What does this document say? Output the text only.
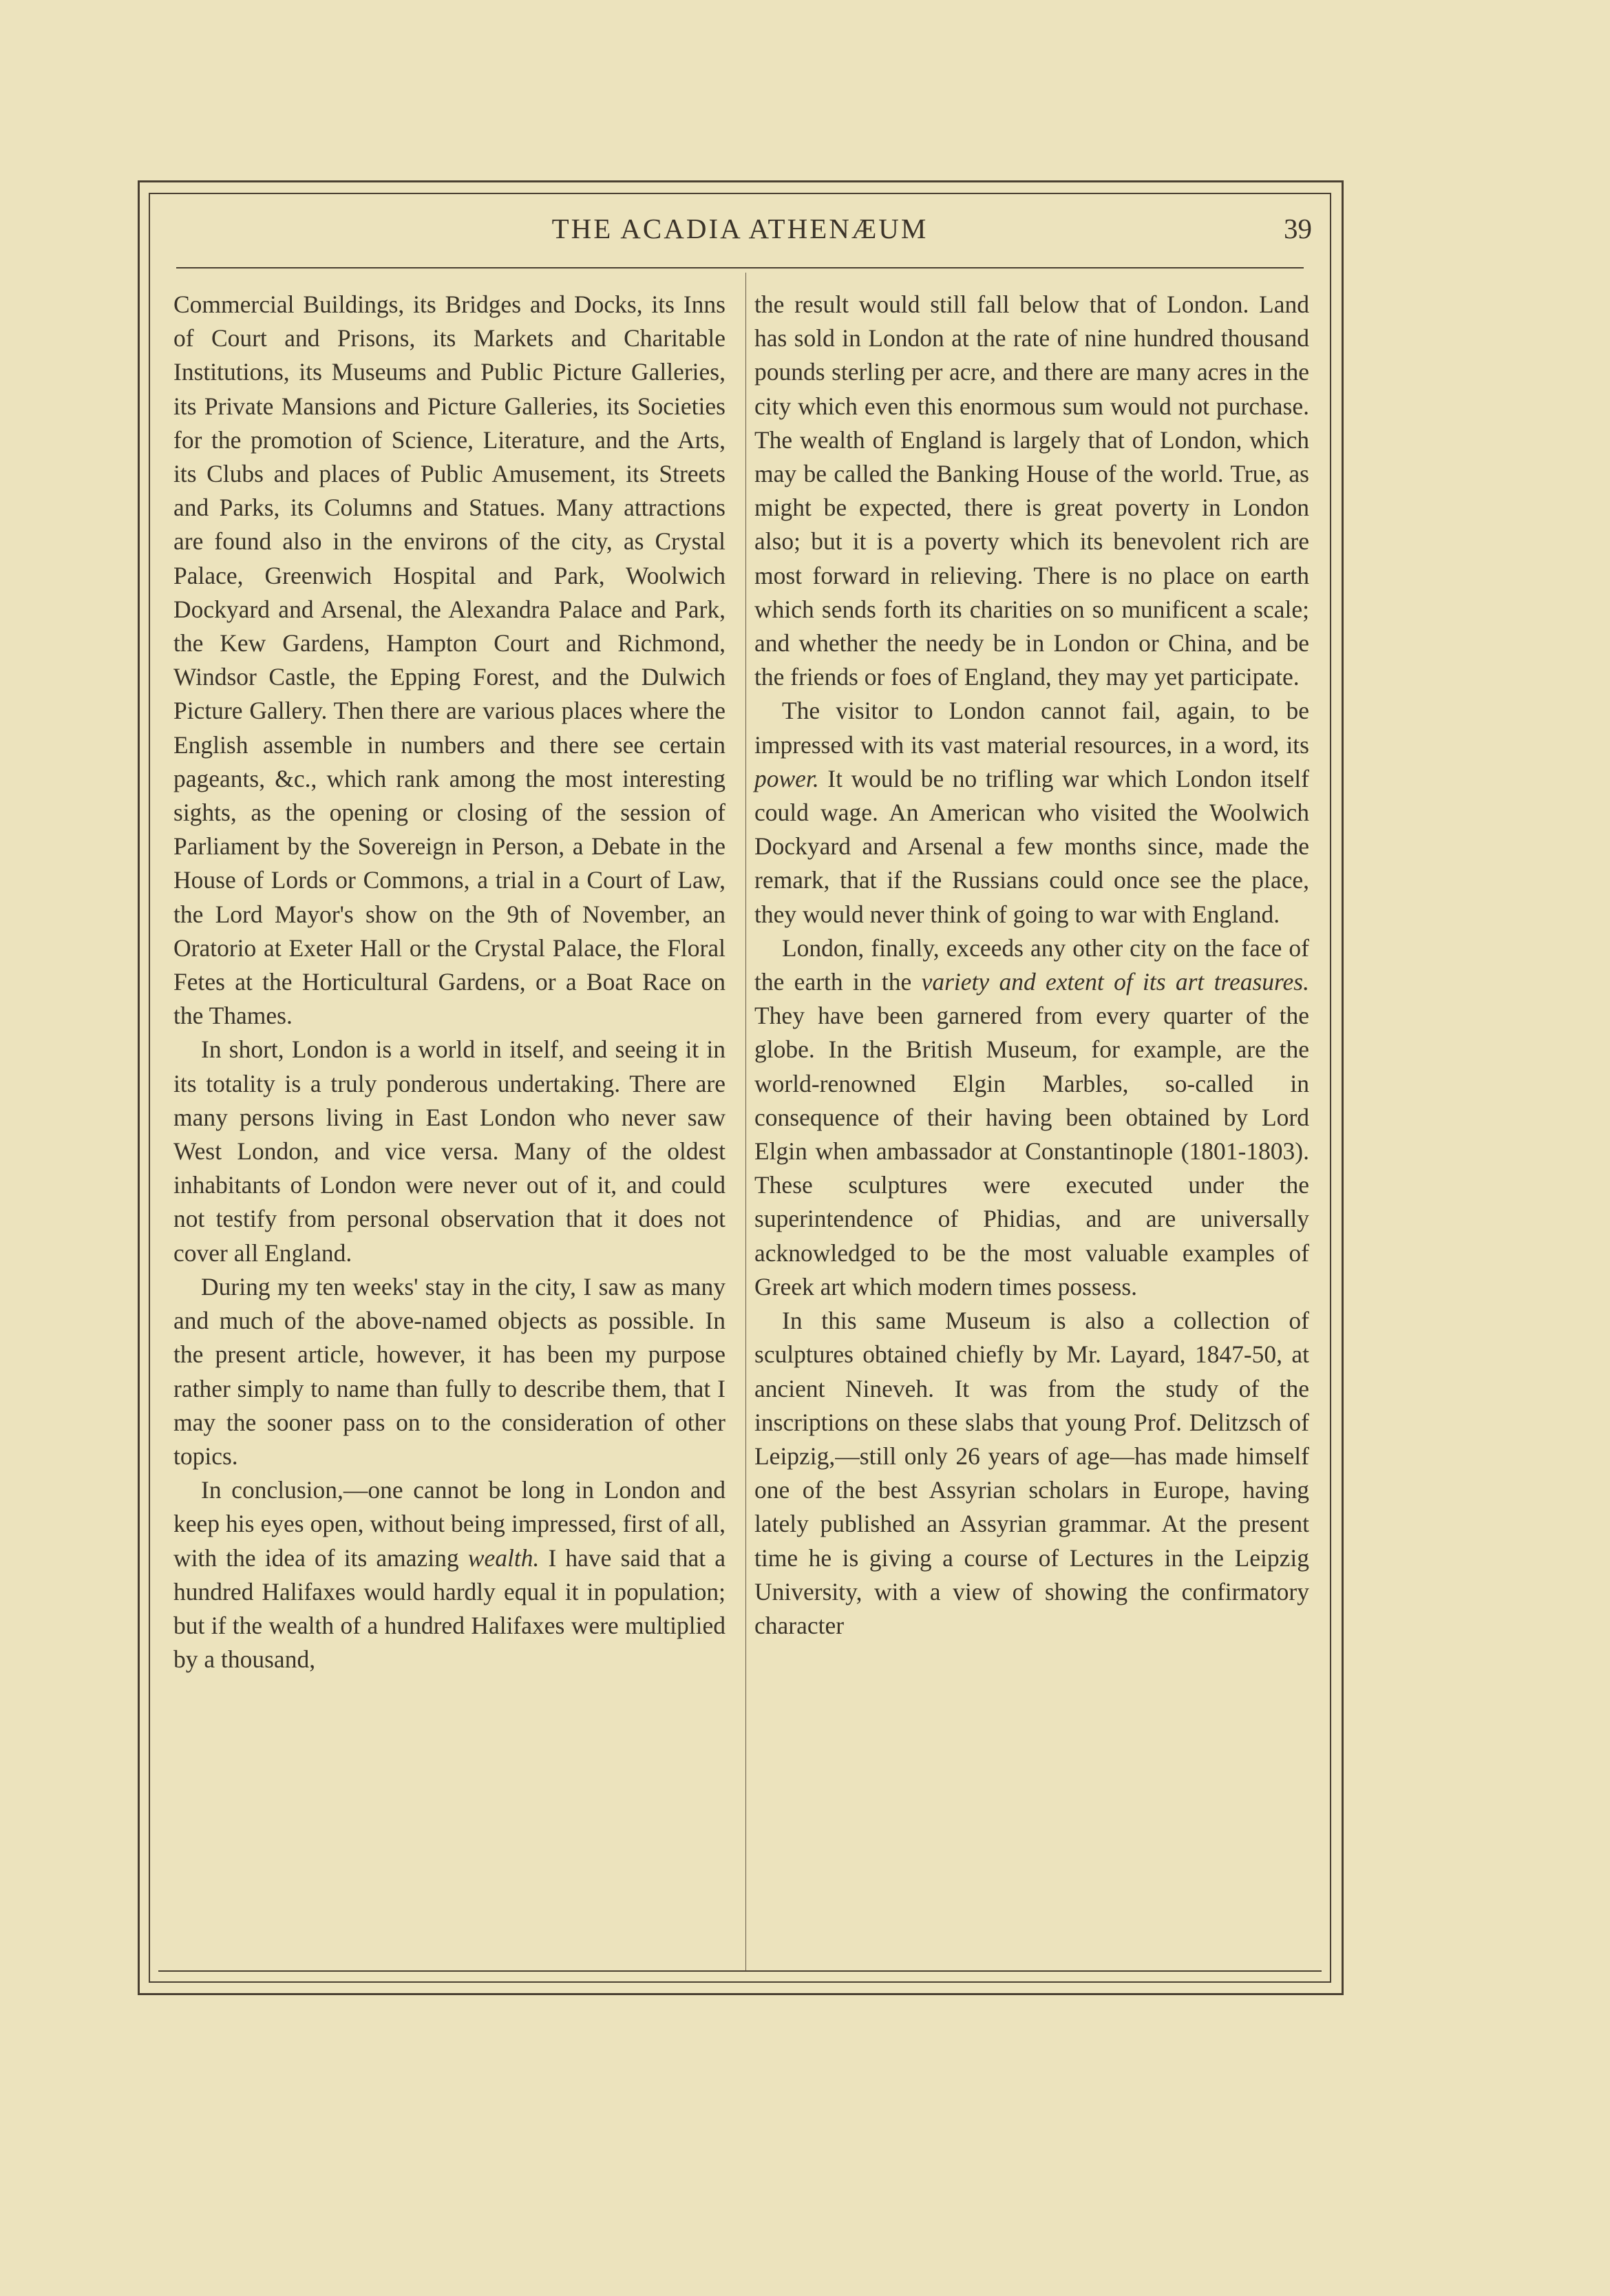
THE ACADIA ATHENÆUM	39

Commercial Buildings, its Bridges and Docks, its Inns of Court and Prisons, its Markets and Charitable Institutions, its Museums and Public Picture Galleries, its Private Mansions and Picture Galleries, its Societies for the promotion of Science, Literature, and the Arts, its Clubs and places of Public Amusement, its Streets and Parks, its Columns and Statues. Many attractions are found also in the environs of the city, as Crystal Palace, Greenwich Hospital and Park, Woolwich Dockyard and Arsenal, the Alexandra Palace and Park, the Kew Gardens, Hampton Court and Richmond, Windsor Castle, the Epping Forest, and the Dulwich Picture Gallery. Then there are various places where the English assemble in numbers and there see certain pageants, &c., which rank among the most interesting sights, as the opening or closing of the session of Parliament by the Sovereign in Person, a Debate in the House of Lords or Commons, a trial in a Court of Law, the Lord Mayor's show on the 9th of November, an Oratorio at Exeter Hall or the Crystal Palace, the Floral Fetes at the Horticultural Gardens, or a Boat Race on the Thames.

In short, London is a world in itself, and seeing it in its totality is a truly ponderous undertaking. There are many persons living in East London who never saw West London, and vice versa. Many of the oldest inhabitants of London were never out of it, and could not testify from personal observation that it does not cover all England.

During my ten weeks' stay in the city, I saw as many and much of the above-named objects as possible. In the present article, however, it has been my purpose rather simply to name than fully to describe them, that I may the sooner pass on to the consideration of other topics.

In conclusion,—one cannot be long in London and keep his eyes open, without being impressed, first of all, with the idea of its amazing wealth. I have said that a hundred Halifaxes would hardly equal it in population; but if the wealth of a hundred Halifaxes were multiplied by a thousand,

the result would still fall below that of London. Land has sold in London at the rate of nine hundred thousand pounds sterling per acre, and there are many acres in the city which even this enormous sum would not purchase. The wealth of England is largely that of London, which may be called the Banking House of the world. True, as might be expected, there is great poverty in London also; but it is a poverty which its benevolent rich are most forward in relieving. There is no place on earth which sends forth its charities on so munificent a scale; and whether the needy be in London or China, and be the friends or foes of England, they may yet participate.

The visitor to London cannot fail, again, to be impressed with its vast material resources, in a word, its power. It would be no trifling war which London itself could wage. An American who visited the Woolwich Dockyard and Arsenal a few months since, made the remark, that if the Russians could once see the place, they would never think of going to war with England.

London, finally, exceeds any other city on the face of the earth in the variety and extent of its art treasures. They have been garnered from every quarter of the globe. In the British Museum, for example, are the world-renowned Elgin Marbles, so-called in consequence of their having been obtained by Lord Elgin when ambassador at Constantinople (1801-1803). These sculptures were executed under the superintendence of Phidias, and are universally acknowledged to be the most valuable examples of Greek art which modern times possess.

In this same Museum is also a collection of sculptures obtained chiefly by Mr. Layard, 1847-50, at ancient Nineveh. It was from the study of the inscriptions on these slabs that young Prof. Delitzsch of Leipzig,—still only 26 years of age—has made himself one of the best Assyrian scholars in Europe, having lately published an Assyrian grammar. At the present time he is giving a course of Lectures in the Leipzig University, with a view of showing the confirmatory character
